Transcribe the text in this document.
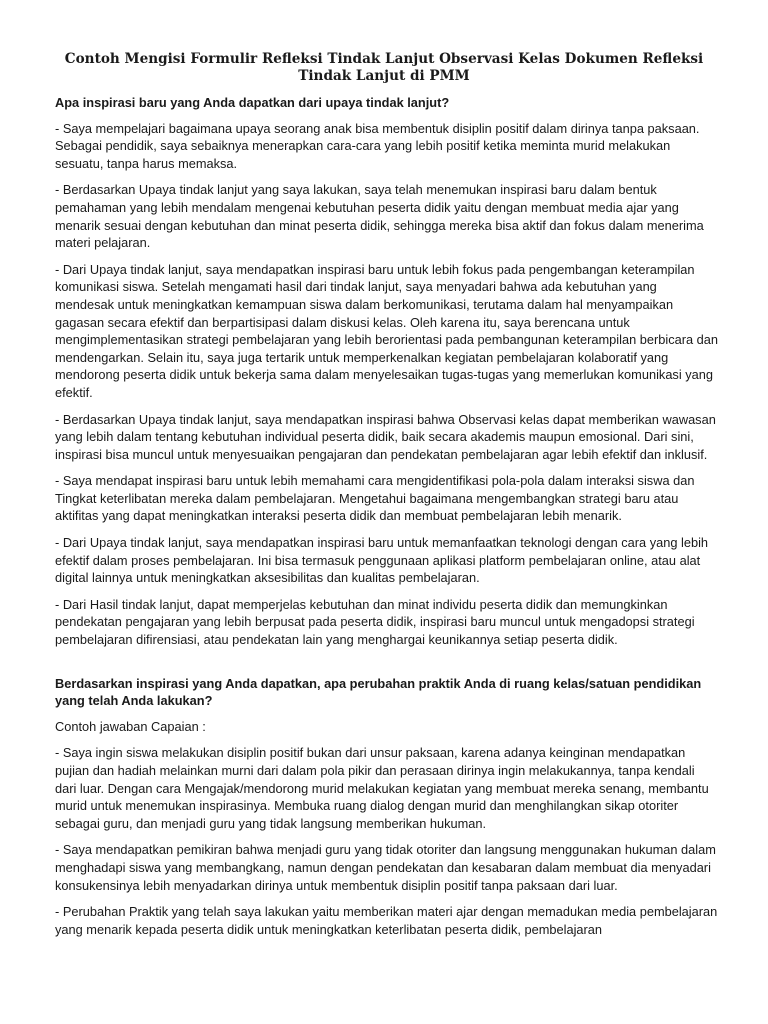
Contoh Mengisi Formulir Refleksi Tindak Lanjut Observasi Kelas Dokumen Refleksi Tindak Lanjut di PMM

Apa inspirasi baru yang Anda dapatkan dari upaya tindak lanjut?

- Saya mempelajari bagaimana upaya seorang anak bisa membentuk disiplin positif dalam dirinya tanpa paksaan. Sebagai pendidik, saya sebaiknya menerapkan cara-cara yang lebih positif ketika meminta murid melakukan sesuatu, tanpa harus memaksa.

- Berdasarkan Upaya tindak lanjut yang saya lakukan, saya telah menemukan inspirasi baru dalam bentuk pemahaman yang lebih mendalam mengenai kebutuhan peserta didik yaitu dengan membuat media ajar yang menarik sesuai dengan kebutuhan dan minat peserta didik, sehingga mereka bisa aktif dan fokus dalam menerima materi pelajaran.

- Dari Upaya tindak lanjut, saya mendapatkan inspirasi baru untuk lebih fokus pada pengembangan keterampilan komunikasi siswa. Setelah mengamati hasil dari tindak lanjut, saya menyadari bahwa ada kebutuhan yang mendesak untuk meningkatkan kemampuan siswa dalam berkomunikasi, terutama dalam hal menyampaikan gagasan secara efektif dan berpartisipasi dalam diskusi kelas. Oleh karena itu, saya berencana untuk mengimplementasikan strategi pembelajaran yang lebih berorientasi pada pembangunan keterampilan berbicara dan mendengarkan. Selain itu, saya juga tertarik untuk memperkenalkan kegiatan pembelajaran kolaboratif yang mendorong peserta didik untuk bekerja sama dalam menyelesaikan tugas-tugas yang memerlukan komunikasi yang efektif.

- Berdasarkan Upaya tindak lanjut, saya mendapatkan inspirasi bahwa Observasi kelas dapat memberikan wawasan yang lebih dalam tentang kebutuhan individual peserta didik, baik secara akademis maupun emosional. Dari sini, inspirasi bisa muncul untuk menyesuaikan pengajaran dan pendekatan pembelajaran agar lebih efektif dan inklusif.

- Saya mendapat inspirasi baru untuk lebih memahami cara mengidentifikasi pola-pola dalam interaksi siswa dan Tingkat keterlibatan mereka dalam pembelajaran. Mengetahui bagaimana mengembangkan strategi baru atau aktifitas yang dapat meningkatkan interaksi peserta didik dan membuat pembelajaran lebih menarik.

- Dari Upaya tindak lanjut, saya mendapatkan inspirasi baru untuk memanfaatkan teknologi dengan cara yang lebih efektif dalam proses pembelajaran. Ini bisa termasuk penggunaan aplikasi platform pembelajaran online, atau alat digital lainnya untuk meningkatkan aksesibilitas dan kualitas pembelajaran.

- Dari Hasil tindak lanjut, dapat memperjelas kebutuhan dan minat individu peserta didik dan memungkinkan pendekatan pengajaran yang lebih berpusat pada peserta didik, inspirasi baru muncul untuk mengadopsi strategi pembelajaran difirensiasi, atau pendekatan lain yang menghargai keunikannya setiap peserta didik.

Berdasarkan inspirasi yang Anda dapatkan, apa perubahan praktik Anda di ruang kelas/satuan pendidikan yang telah Anda lakukan?

Contoh jawaban Capaian :

- Saya ingin siswa melakukan disiplin positif bukan dari unsur paksaan, karena adanya keinginan mendapatkan pujian dan hadiah melainkan murni dari dalam pola pikir dan perasaan dirinya ingin melakukannya, tanpa kendali dari luar. Dengan cara Mengajak/mendorong murid melakukan kegiatan yang membuat mereka senang, membantu murid untuk menemukan inspirasinya. Membuka ruang dialog dengan murid dan menghilangkan sikap otoriter sebagai guru, dan menjadi guru yang tidak langsung memberikan hukuman.

- Saya mendapatkan pemikiran bahwa menjadi guru yang tidak otoriter dan langsung menggunakan hukuman dalam menghadapi siswa yang membangkang, namun dengan pendekatan dan kesabaran dalam membuat dia menyadari konsukensinya lebih menyadarkan dirinya untuk membentuk disiplin positif tanpa paksaan dari luar.

- Perubahan Praktik yang telah saya lakukan yaitu memberikan materi ajar dengan memadukan media pembelajaran yang menarik kepada peserta didik untuk meningkatkan keterlibatan peserta didik, pembelajaran
